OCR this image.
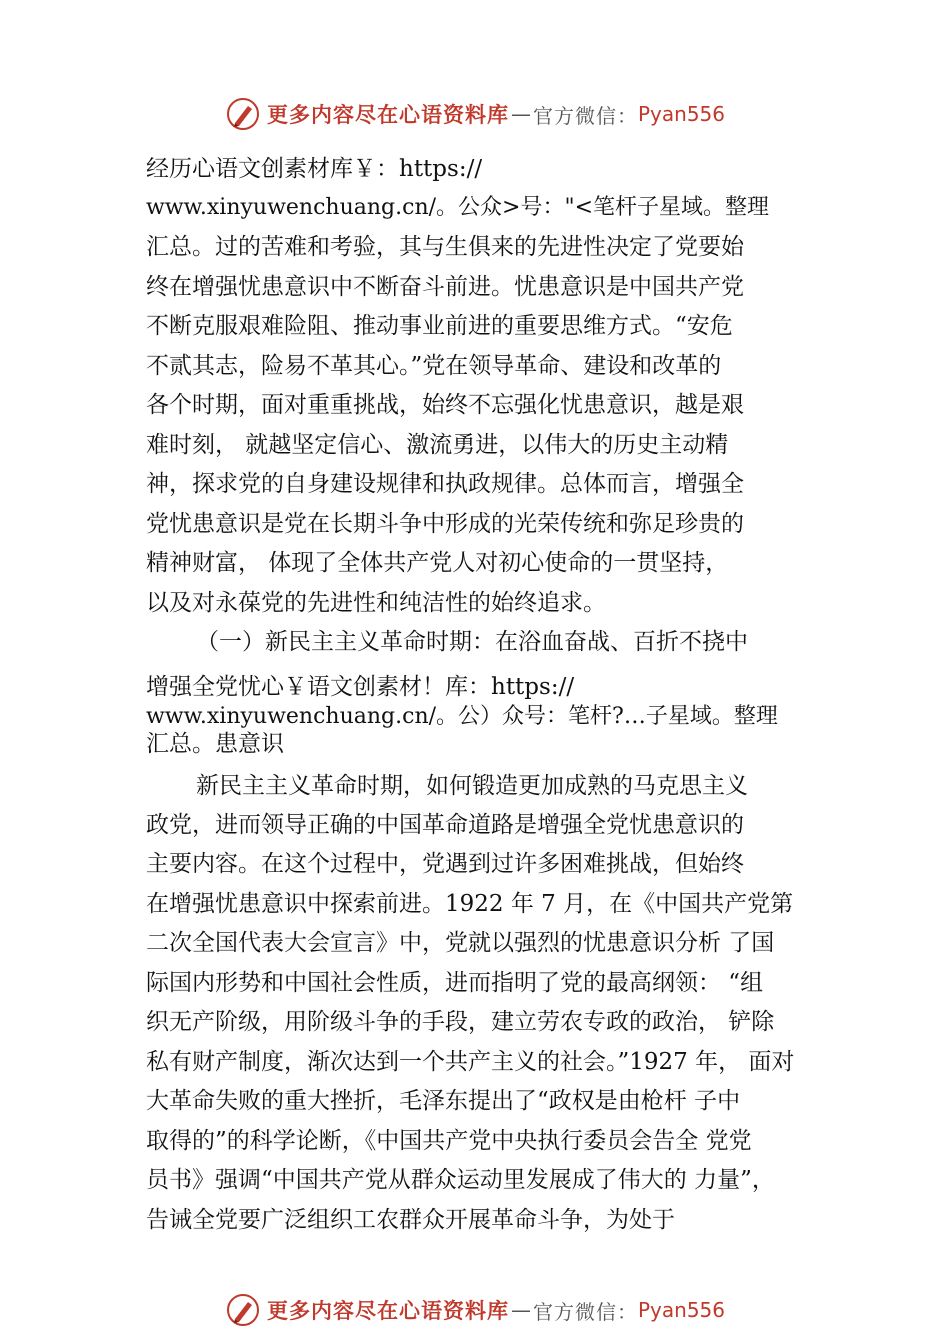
更多内容尽在心语资料库 — 官方微信： Pyan556
经历心语文创素材库￥：https://
www.xinyuwenchuang.cn/。公众>号："<笔杆子星域。整理
汇总。过的苦难和考验，其与生俱来的先进性决定了党要始
终在增强忧患意识中不断奋斗前进。忧患意识是中国共产党
不断克服艰难险阻、推动事业前进的重要思维方式。“安危
不贰其志，险易不革其心。”党在领导革命、建设和改革的
各个时期，面对重重挑战，始终不忘强化忧患意识，越是艰
难时刻， 就越坚定信心、激流勇进，以伟大的历史主动精
神，探求党的自身建设规律和执政规律。总体而言，增强全
党忧患意识是党在长期斗争中形成的光荣传统和弥足珍贵的
精神财富， 体现了全体共产党人对初心使命的一贯坚持，
以及对永葆党的先进性和纯洁性的始终追求。
（一）新民主主义革命时期：在浴血奋战、百折不挠中
增强全党忧心￥语文创素材！库：https://
www.xinyuwenchuang.cn/。公）众号：笔杆?…子星域。整理
汇总。患意识
新民主主义革命时期，如何锻造更加成熟的马克思主义
政党，进而领导正确的中国革命道路是增强全党忧患意识的
主要内容。在这个过程中，党遇到过许多困难挑战，但始终
在增强忧患意识中探索前进。1922 年 7 月，在《中国共产党第
二次全国代表大会宣言》中，党就以强烈的忧患意识分析 了国
际国内形势和中国社会性质，进而指明了党的最高纲领： “组
织无产阶级，用阶级斗争的手段，建立劳农专政的政治， 铲除
私有财产制度，渐次达到一个共产主义的社会。”1927 年， 面对
大革命失败的重大挫折，毛泽东提出了“政权是由枪杆 子中
取得的”的科学论断，《中国共产党中央执行委员会告全 党党
员书》强调“中国共产党从群众运动里发展成了伟大的 力量”，
告诫全党要广泛组织工农群众开展革命斗争，为处于
更多内容尽在心语资料库 — 官方微信： Pyan556
